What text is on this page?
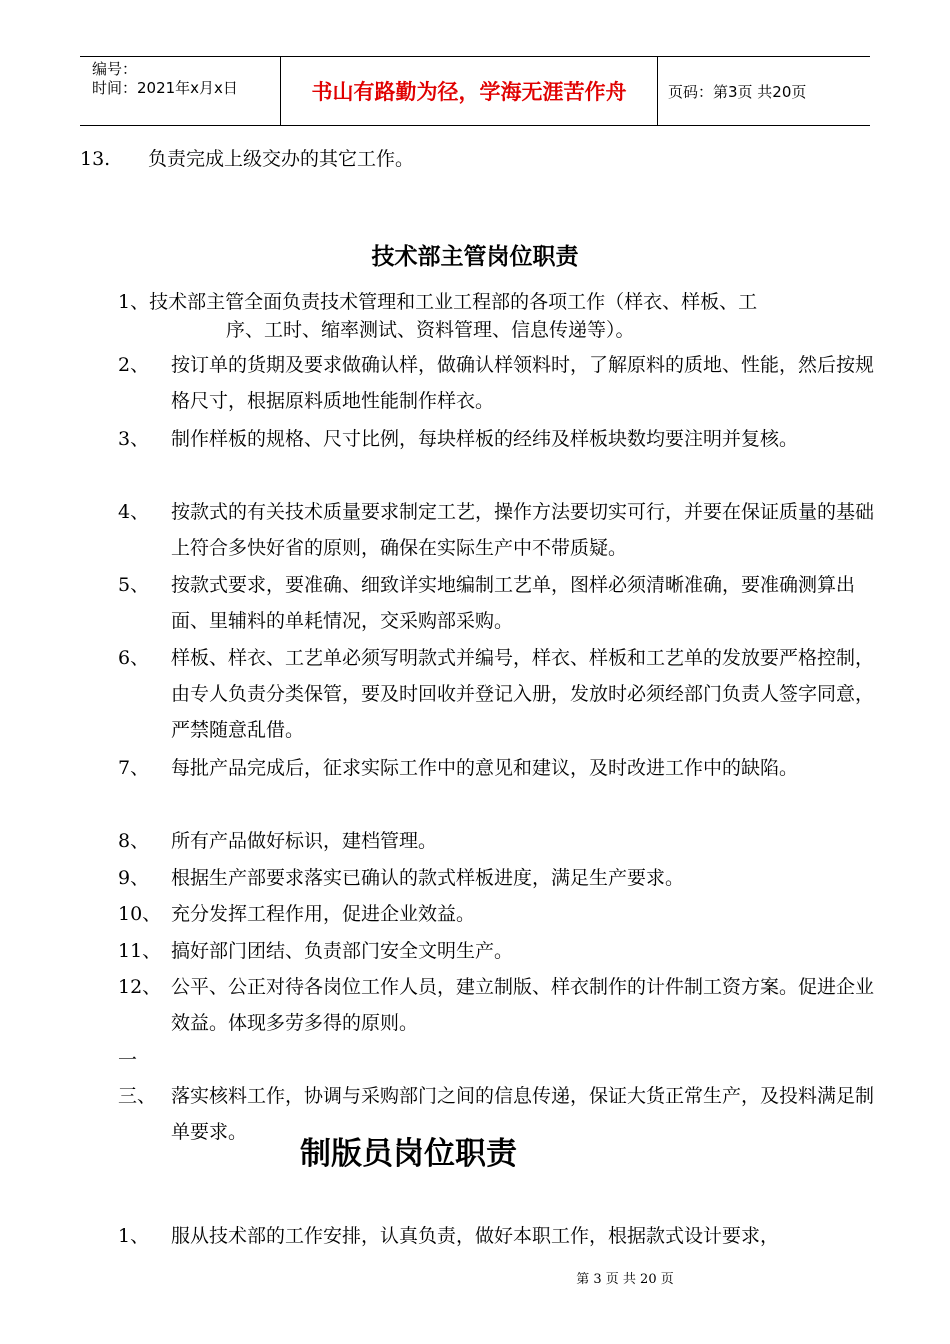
编号：
时间：2021年x月x日	书山有路勤为径，学海无涯苦作舟	页码：第3页 共20页
13. 负责完成上级交办的其它工作。
技术部主管岗位职责
1、技术部主管全面负责技术管理和工业工程部的各项工作（样衣、样板、工
序、工时、缩率测试、资料管理、信息传递等）。
2、 按订单的货期及要求做确认样，做确认样领料时，了解原料的质地、性能，然后按规格尺寸，根据原料质地性能制作样衣。
3、 制作样板的规格、尺寸比例，每块样板的经纬及样板块数均要注明并复核。
4、 按款式的有关技术质量要求制定工艺，操作方法要切实可行，并要在保证质量的基础上符合多快好省的原则，确保在实际生产中不带质疑。
5、 按款式要求，要准确、细致详实地编制工艺单，图样必须清晰准确，要准确测算出面、里辅料的单耗情况，交采购部采购。
6、 样板、样衣、工艺单必须写明款式并编号，样衣、样板和工艺单的发放要严格控制，由专人负责分类保管，要及时回收并登记入册，发放时必须经部门负责人签字同意，严禁随意乱借。
7、 每批产品完成后，征求实际工作中的意见和建议，及时改进工作中的缺陷。
8、 所有产品做好标识，建档管理。
9、 根据生产部要求落实已确认的款式样板进度，满足生产要求。
10、 充分发挥工程作用，促进企业效益。
11、 搞好部门团结、负责部门安全文明生产。
12、 公平、公正对待各岗位工作人员，建立制版、样衣制作的计件制工资方案。促进企业效益。体现多劳多得的原则。
一三、 落实核料工作，协调与采购部门之间的信息传递，保证大货正常生产，及投料满足制单要求。
制版员岗位职责
1、 服从技术部的工作安排，认真负责，做好本职工作，根据款式设计要求，
第 3 页 共 20 页
